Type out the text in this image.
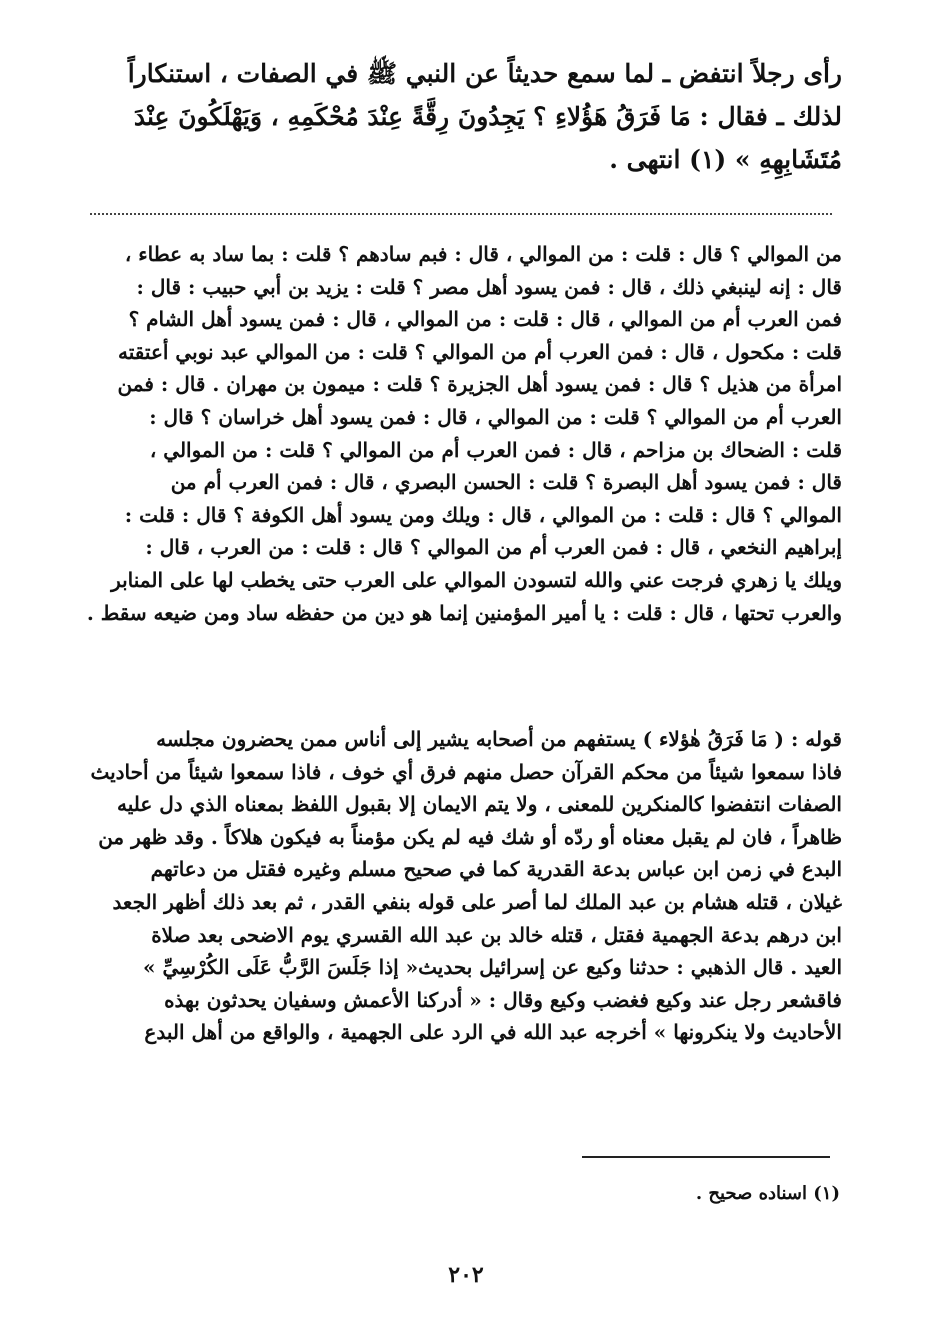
رأى رجلاً انتفض ـ لما سمع حديثاً عن النبي ﷺ في الصفات ، استنكاراً
لذلك ـ فقال : مَا فَرَقُ هَؤُلاءِ ؟ يَجِدُونَ رِقَّةً عِنْدَ مُحْكَمِهِ ، وَيَهْلَكُونَ عِنْدَ
مُتَشَابِهِهِ » (١) انتهى .
من الموالي ؟ قال : قلت : من الموالي ، قال : فبم سادهم ؟ قلت : بما ساد به عطاء ،
قال : إنه لينبغي ذلك ، قال : فمن يسود أهل مصر ؟ قلت : يزيد بن أبي حبيب : قال :
فمن العرب أم من الموالي ، قال : قلت : من الموالي ، قال : فمن يسود أهل الشام ؟
قلت : مكحول ، قال : فمن العرب أم من الموالي ؟ قلت : من الموالي عبد نوبي أعتقته
امرأة من هذيل ؟ قال : فمن يسود أهل الجزيرة ؟ قلت : ميمون بن مهران . قال : فمن
العرب أم من الموالي ؟ قلت : من الموالي ، قال : فمن يسود أهل خراسان ؟ قال :
قلت : الضحاك بن مزاحم ، قال : فمن العرب أم من الموالي ؟ قلت : من الموالي ،
قال : فمن يسود أهل البصرة ؟ قلت : الحسن البصري ، قال : فمن العرب أم من
الموالي ؟ قال : قلت : من الموالي ، قال : ويلك ومن يسود أهل الكوفة ؟ قال : قلت :
إبراهيم النخعي ، قال : فمن العرب أم من الموالي ؟ قال : قلت : من العرب ، قال :
ويلك يا زهري فرجت عني والله لتسودن الموالي على العرب حتى يخطب لها على المنابر
والعرب تحتها ، قال : قلت : يا أمير المؤمنين إنما هو دين من حفظه ساد ومن ضيعه سقط .
قوله : ( مَا فَرَقُ هٰؤلاء ) يستفهم من أصحابه يشير إلى أناس ممن يحضرون مجلسه
فاذا سمعوا شيئاً من محكم القرآن حصل منهم فرق أي خوف ، فاذا سمعوا شيئاً من أحاديث
الصفات انتفضوا كالمنكرين للمعنى ، ولا يتم الايمان إلا بقبول اللفظ بمعناه الذي دل عليه
ظاهراً ، فان لم يقبل معناه أو ردّه أو شك فيه لم يكن مؤمناً به فيكون هلاكاً . وقد ظهر من
البدع في زمن ابن عباس بدعة القدرية كما في صحيح مسلم وغيره فقتل من دعاتهم
غيلان ، قتله هشام بن عبد الملك لما أصر على قوله بنفي القدر ، ثم بعد ذلك أظهر الجعد
ابن درهم بدعة الجهمية فقتل ، قتله خالد بن عبد الله القسري يوم الاضحى بعد صلاة
العيد . قال الذهبي : حدثنا وكيع عن إسرائيل بحديث« إذا جَلَسَ الرَّبُّ عَلَى الكُرْسِيِّ »
فاقشعر رجل عند وكيع فغضب وكيع وقال : « أدركنا الأعمش وسفيان يحدثون بهذه
الأحاديث ولا ينكرونها » أخرجه عبد الله في الرد على الجهمية ، والواقع من أهل البدع
(١) اسناده صحيح .
٢٠٢
